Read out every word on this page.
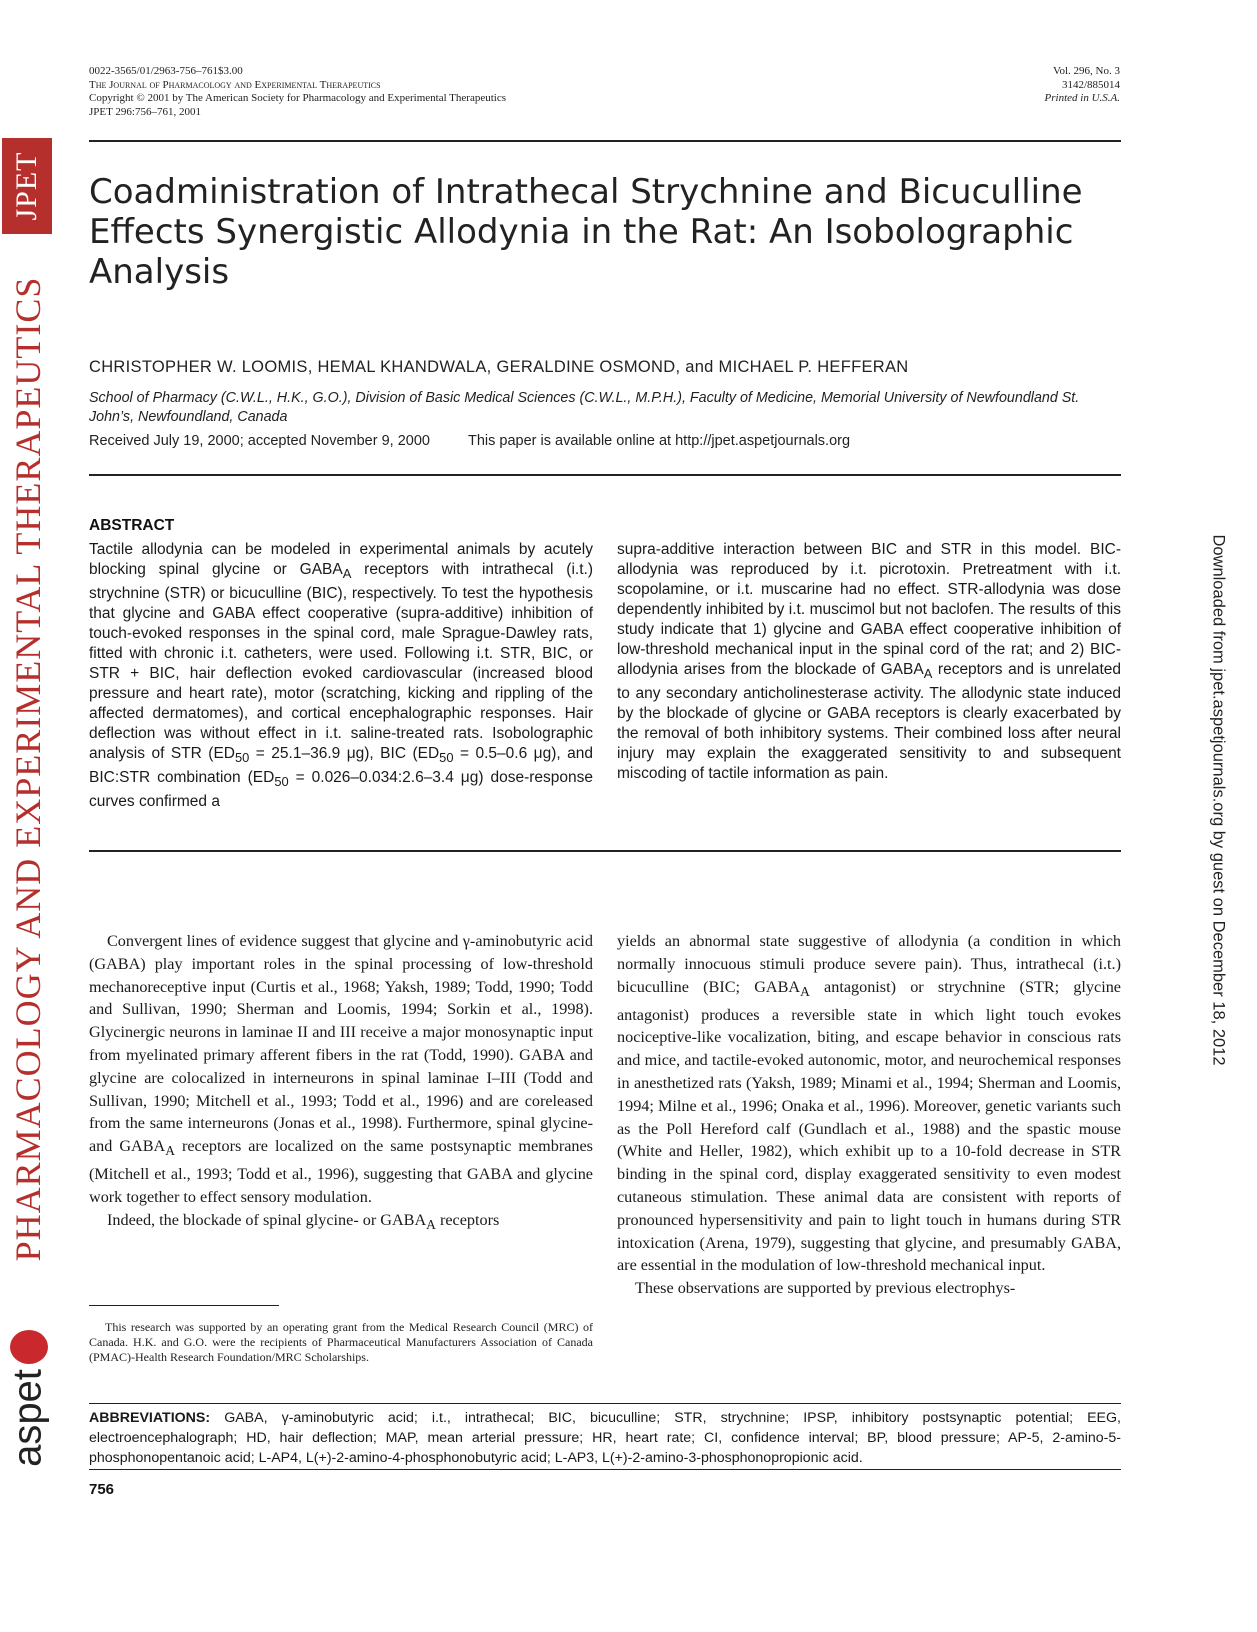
JPET
PHARMACOLOGY AND EXPERIMENTAL THERAPEUTICS
aspet
Downloaded from jpet.aspetjournals.org by guest on December 18, 2012
0022-3565/01/2963-756–761$3.00
The Journal of Pharmacology and Experimental Therapeutics
Copyright © 2001 by The American Society for Pharmacology and Experimental Therapeutics
JPET 296:756–761, 2001
Vol. 296, No. 3
3142/885014
Printed in U.S.A.
Coadministration of Intrathecal Strychnine and Bicuculline Effects Synergistic Allodynia in the Rat: An Isobolographic Analysis
CHRISTOPHER W. LOOMIS, HEMAL KHANDWALA, GERALDINE OSMOND, and MICHAEL P. HEFFERAN
School of Pharmacy (C.W.L., H.K., G.O.), Division of Basic Medical Sciences (C.W.L., M.P.H.), Faculty of Medicine, Memorial University of Newfoundland St. John’s, Newfoundland, Canada
Received July 19, 2000; accepted November 9, 2000	This paper is available online at http://jpet.aspetjournals.org
ABSTRACT

Tactile allodynia can be modeled in experimental animals by acutely blocking spinal glycine or $GABA_A$ receptors with intrathecal (i.t.) strychnine (STR) or bicuculline (BIC), respectively. To test the hypothesis that glycine and GABA effect cooperative (supra-additive) inhibition of touch-evoked responses in the spinal cord, male Sprague-Dawley rats, fitted with chronic i.t. catheters, were used. Following i.t. STR, BIC, or STR + BIC, hair deflection evoked cardiovascular (increased blood pressure and heart rate), motor (scratching, kicking and rippling of the affected dermatomes), and cortical encephalographic responses. Hair deflection was without effect in i.t. saline-treated rats. Isobolographic analysis of STR ($ED_{50} = 25.1-36.9$ μg), BIC ($ED_{50} = 0.5-0.6$ μg), and BIC:STR combination ($ED_{50}$ = 0.026–0.034:2.6–3.4 μg) dose-response curves confirmed a

supra-additive interaction between BIC and STR in this model. BIC-allodynia was reproduced by i.t. picrotoxin. Pretreatment with i.t. scopolamine, or i.t. muscarine had no effect. STR-allodynia was dose dependently inhibited by i.t. muscimol but not baclofen. The results of this study indicate that 1) glycine and GABA effect cooperative inhibition of low-threshold mechanical input in the spinal cord of the rat; and 2) BIC-allodynia arises from the blockade of $GABA_A$ receptors and is unrelated to any secondary anticholinesterase activity. The allodynic state induced by the blockade of glycine or GABA receptors is clearly exacerbated by the removal of both inhibitory systems. Their combined loss after neural injury may explain the exaggerated sensitivity to and subsequent miscoding of tactile information as pain.

Convergent lines of evidence suggest that glycine and γ-aminobutyric acid (GABA) play important roles in the spinal processing of low-threshold mechanoreceptive input (Curtis et al., 1968; Yaksh, 1989; Todd, 1990; Todd and Sullivan, 1990; Sherman and Loomis, 1994; Sorkin et al., 1998). Glycinergic neurons in laminae II and III receive a major monosynaptic input from myelinated primary afferent fibers in the rat (Todd, 1990). GABA and glycine are colocalized in interneurons in spinal laminae I–III (Todd and Sullivan, 1990; Mitchell et al., 1993; Todd et al., 1996) and are coreleased from the same interneurons (Jonas et al., 1998). Furthermore, spinal glycine- and $GABA_A$ receptors are localized on the same postsynaptic membranes (Mitchell et al., 1993; Todd et al., 1996), suggesting that GABA and glycine work together to effect sensory modulation.

Indeed, the blockade of spinal glycine- or $GABA_A$ receptors

yields an abnormal state suggestive of allodynia (a condition in which normally innocuous stimuli produce severe pain). Thus, intrathecal (i.t.) bicuculline (BIC; $GABA_A$ antagonist) or strychnine (STR; glycine antagonist) produces a reversible state in which light touch evokes nociceptive-like vocalization, biting, and escape behavior in conscious rats and mice, and tactile-evoked autonomic, motor, and neurochemical responses in anesthetized rats (Yaksh, 1989; Minami et al., 1994; Sherman and Loomis, 1994; Milne et al., 1996; Onaka et al., 1996). Moreover, genetic variants such as the Poll Hereford calf (Gundlach et al., 1988) and the spastic mouse (White and Heller, 1982), which exhibit up to a 10-fold decrease in STR binding in the spinal cord, display exaggerated sensitivity to even modest cutaneous stimulation. These animal data are consistent with reports of pronounced hypersensitivity and pain to light touch in humans during STR intoxication (Arena, 1979), suggesting that glycine, and presumably GABA, are essential in the modulation of low-threshold mechanical input.

These observations are supported by previous electrophys-

This research was supported by an operating grant from the Medical Research Council (MRC) of Canada. H.K. and G.O. were the recipients of Pharmaceutical Manufacturers Association of Canada (PMAC)-Health Research Foundation/MRC Scholarships.

ABBREVIATIONS: GABA, γ-aminobutyric acid; i.t., intrathecal; BIC, bicuculline; STR, strychnine; IPSP, inhibitory postsynaptic potential; EEG, electroencephalograph; HD, hair deflection; MAP, mean arterial pressure; HR, heart rate; CI, confidence interval; BP, blood pressure; AP-5, 2-amino-5-phosphonopentanoic acid; L-AP4, L(+)-2-amino-4-phosphonobutyric acid; L-AP3, L(+)-2-amino-3-phosphonopropionic acid.

756
